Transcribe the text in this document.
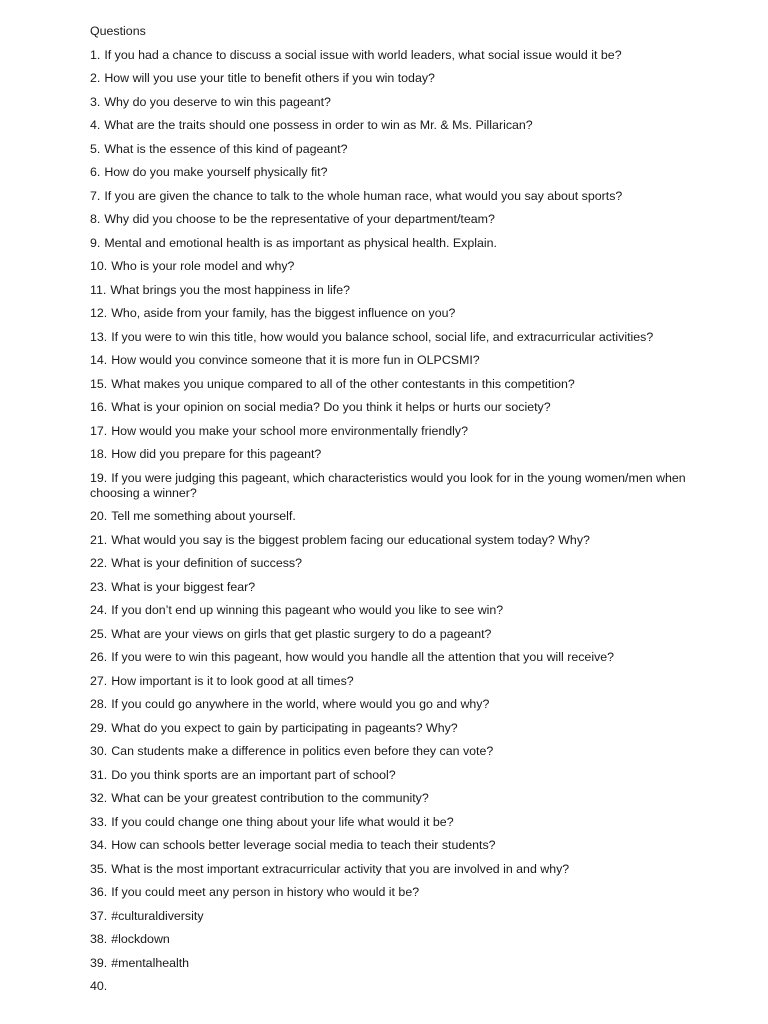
Questions
1. If you had a chance to discuss a social issue with world leaders, what social issue would it be?
2. How will you use your title to benefit others if you win today?
3. Why do you deserve to win this pageant?
4. What are the traits should one possess in order to win as Mr. & Ms. Pillarican?
5. What is the essence of this kind of pageant?
6. How do you make yourself physically fit?
7. If you are given the chance to talk to the whole human race, what would you say about sports?
8. Why did you choose to be the representative of your department/team?
9. Mental and emotional health is as important as physical health. Explain.
10. Who is your role model and why?
11. What brings you the most happiness in life?
12. Who, aside from your family, has the biggest influence on you?
13. If you were to win this title, how would you balance school, social life, and extracurricular activities?
14. How would you convince someone that it is more fun in OLPCSMI?
15. What makes you unique compared to all of the other contestants in this competition?
16. What is your opinion on social media? Do you think it helps or hurts our society?
17. How would you make your school more environmentally friendly?
18. How did you prepare for this pageant?
19. If you were judging this pageant, which characteristics would you look for in the young women/men when choosing a winner?
20. Tell me something about yourself.
21. What would you say is the biggest problem facing our educational system today? Why?
22. What is your definition of success?
23. What is your biggest fear?
24. If you don’t end up winning this pageant who would you like to see win?
25. What are your views on girls that get plastic surgery to do a pageant?
26. If you were to win this pageant, how would you handle all the attention that you will receive?
27. How important is it to look good at all times?
28. If you could go anywhere in the world, where would you go and why?
29. What do you expect to gain by participating in pageants? Why?
30. Can students make a difference in politics even before they can vote?
31. Do you think sports are an important part of school?
32. What can be your greatest contribution to the community?
33. If you could change one thing about your life what would it be?
34. How can schools better leverage social media to teach their students?
35. What is the most important extracurricular activity that you are involved in and why?
36. If you could meet any person in history who would it be?
37. #culturaldiversity
38. #lockdown
39. #mentalhealth
40.
